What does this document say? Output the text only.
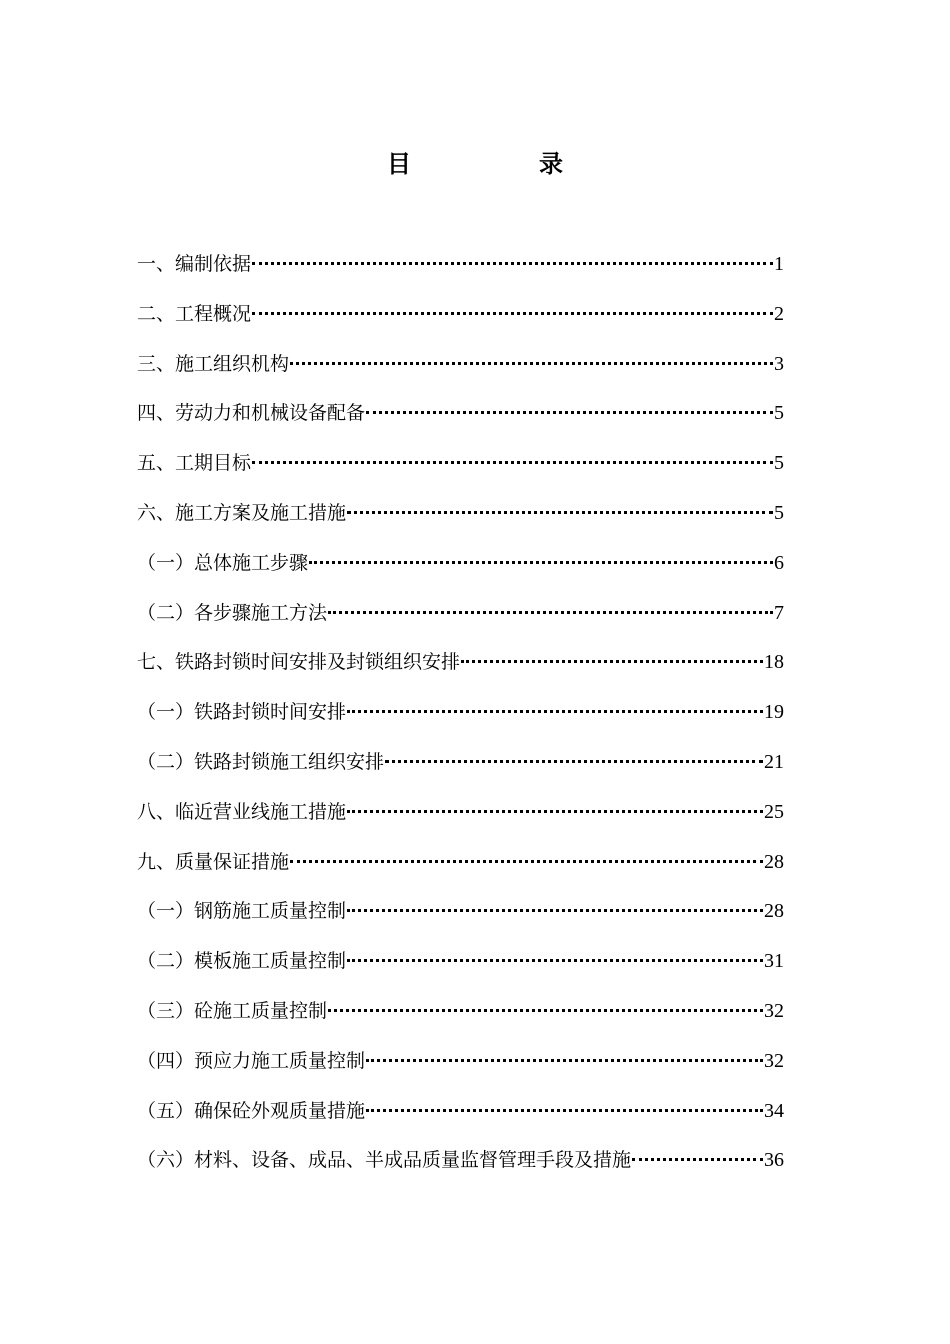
目　录
一、编制依据	1
二、工程概况	2
三、施工组织机构	3
四、劳动力和机械设备配备	5
五、工期目标	5
六、施工方案及施工措施	5
（一）总体施工步骤	6
（二）各步骤施工方法	7
七、铁路封锁时间安排及封锁组织安排	18
（一）铁路封锁时间安排	19
（二）铁路封锁施工组织安排	21
八、临近营业线施工措施	25
九、质量保证措施	28
（一）钢筋施工质量控制	28
（二）模板施工质量控制	31
（三）砼施工质量控制	32
（四）预应力施工质量控制	32
（五）确保砼外观质量措施	34
（六）材料、设备、成品、半成品质量监督管理手段及措施	36
